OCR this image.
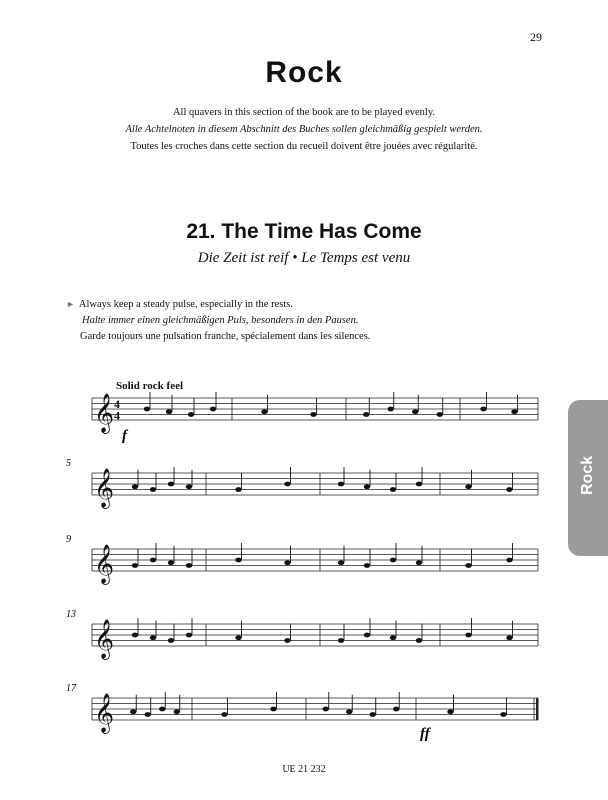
29
Rock
All quavers in this section of the book are to be played evenly.
Alle Achtelnoten in diesem Abschnitt des Buches sollen gleichmäßig gespielt werden.
Toutes les croches dans cette section du recueil doivent être jouées avec régularité.
21. The Time Has Come
Die Zeit ist reif • Le Temps est venu
► Always keep a steady pulse, especially in the rests.
Halte immer einen gleichmäßigen Puls, besonders in den Pausen.
Garde toujours une pulsation franche, spécialement dans les silences.
Solid rock feel
𝄞 4
4
𝄞
𝄞
𝄞
𝄞
5
9
13
17
f
ff
Rock
UE 21 232
